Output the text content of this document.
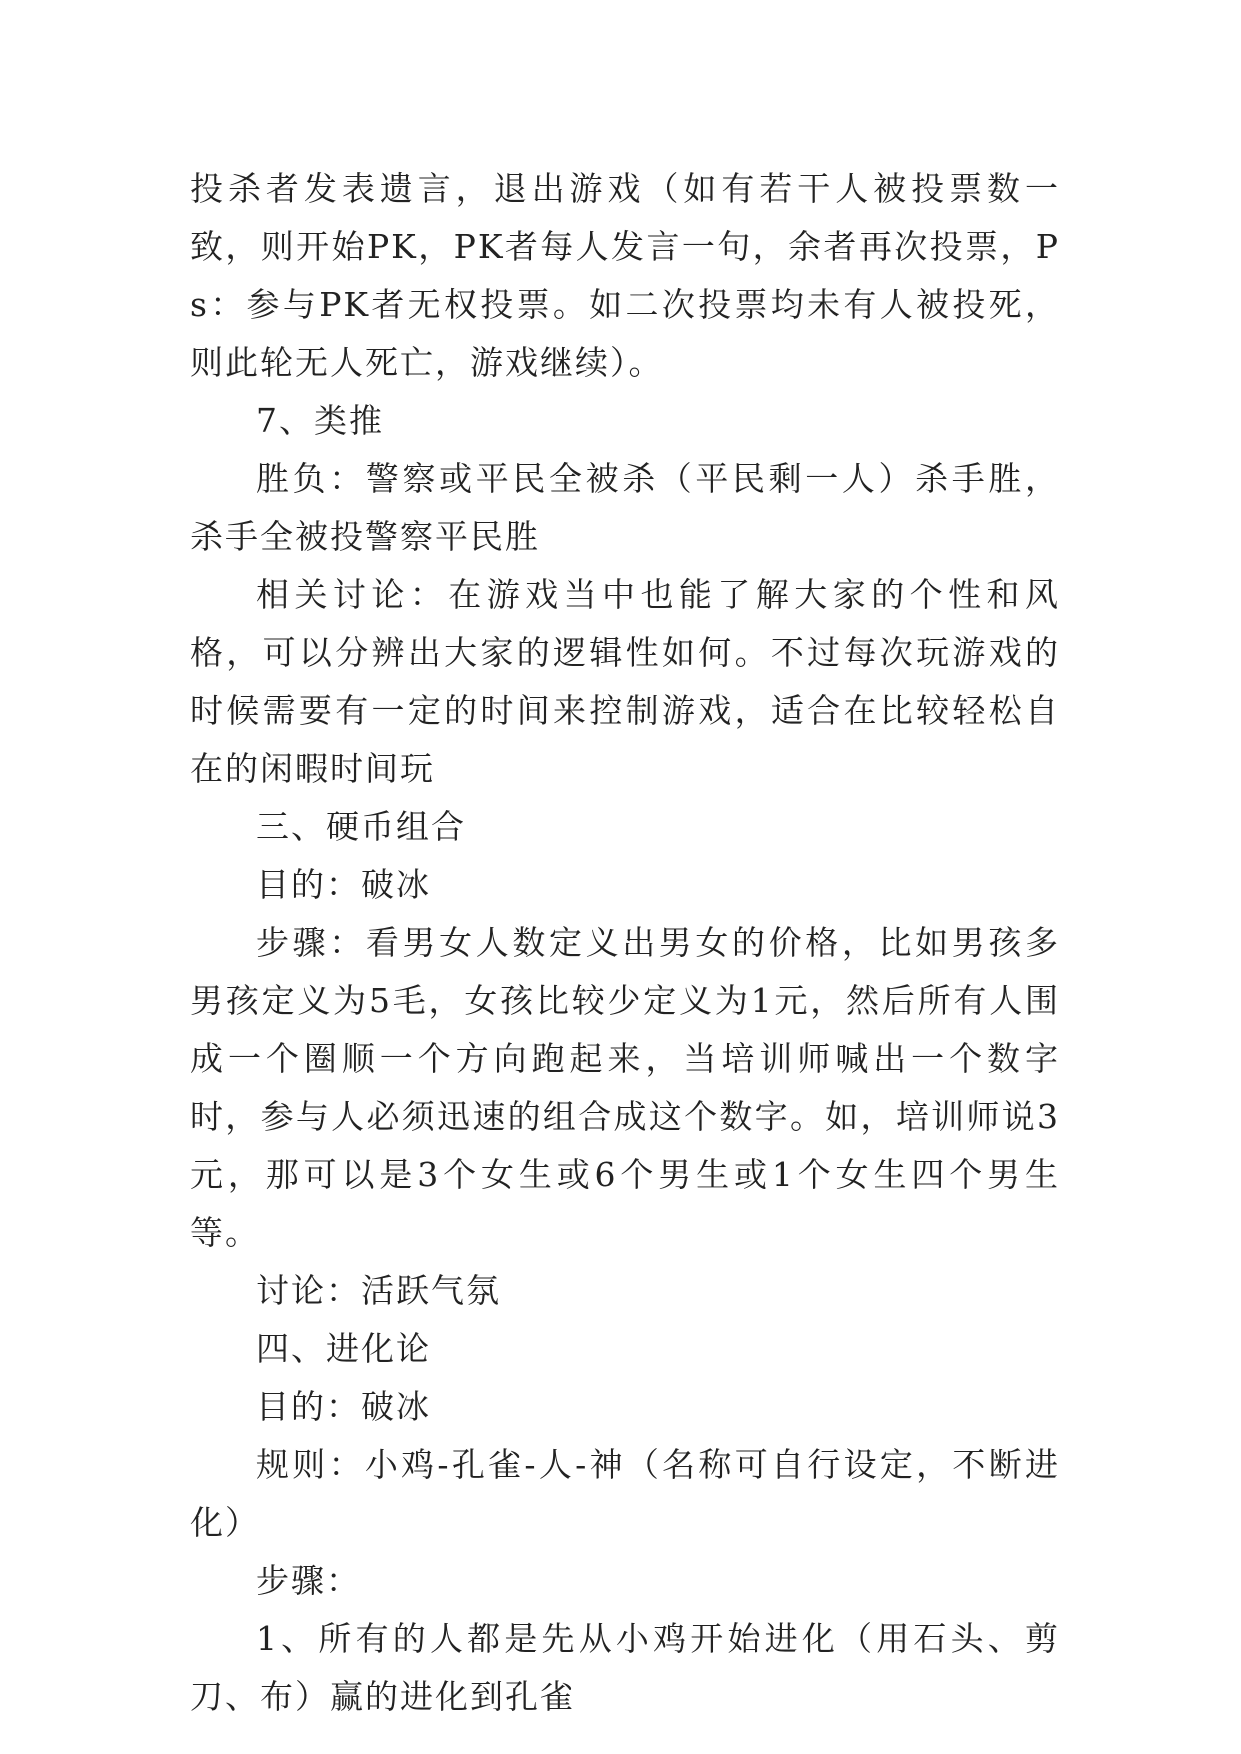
投杀者发表遗言，退出游戏（如有若干人被投票数一致，则开始PK，PK者每人发言一句，余者再次投票，Ps：参与PK者无权投票。如二次投票均未有人被投死，则此轮无人死亡，游戏继续）。

7、类推

胜负：警察或平民全被杀（平民剩一人）杀手胜，杀手全被投警察平民胜

相关讨论：在游戏当中也能了解大家的个性和风格，可以分辨出大家的逻辑性如何。不过每次玩游戏的时候需要有一定的时间来控制游戏，适合在比较轻松自在的闲暇时间玩

三、硬币组合

目的：破冰

步骤：看男女人数定义出男女的价格，比如男孩多男孩定义为5毛，女孩比较少定义为1元，然后所有人围成一个圈顺一个方向跑起来，当培训师喊出一个数字时，参与人必须迅速的组合成这个数字。如，培训师说3元，那可以是3个女生或6个男生或1个女生四个男生等。

讨论：活跃气氛

四、进化论

目的：破冰

规则：小鸡-孔雀-人-神（名称可自行设定，不断进化）

步骤：

1、所有的人都是先从小鸡开始进化（用石头、剪刀、布）赢的进化到孔雀
